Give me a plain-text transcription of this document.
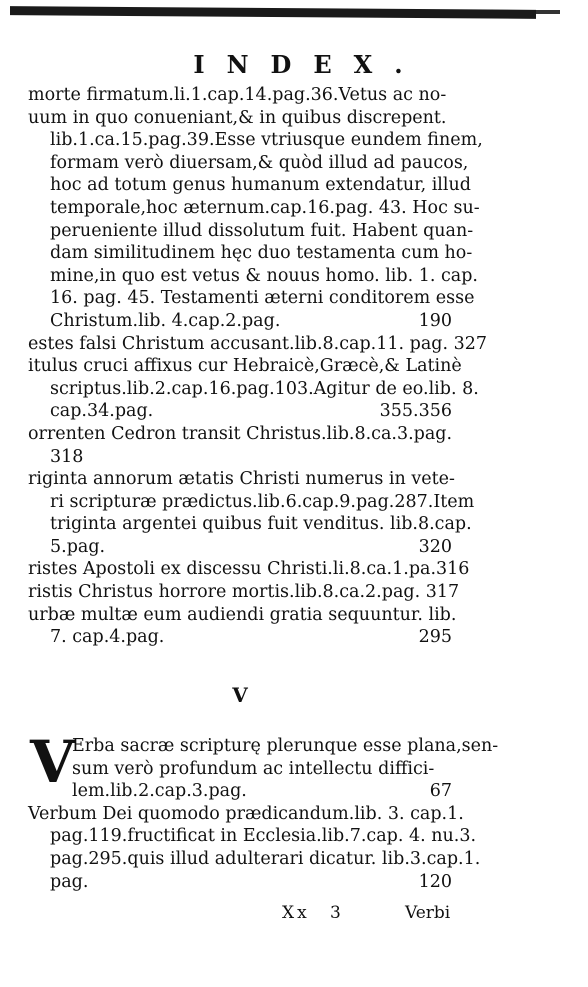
INDEX.
morte firmatum.li.1.cap.14.pag.36.Vetus ac no-
uum in quo conueniant,& in quibus discrepent.
lib.1.ca.15.pag.39.Esse vtriusque eundem finem,
formam verò diuersam,& quòd illud ad paucos,
hoc ad totum genus humanum extendatur, illud
temporale,hoc æternum.cap.16.pag. 43. Hoc su-
perueniente illud dissolutum fuit. Habent quan-
dam similitudinem hęc duo testamenta cum ho-
mine,in quo est vetus & nouus homo. lib. 1. cap.
16. pag. 45. Testamenti æterni conditorem esse
Christum.lib. 4.cap.2.pag.	190
estes falsi Christum accusant.lib.8.cap.11. pag. 327
itulus cruci affixus cur Hebraicè,Græcè,& Latinè
scriptus.lib.2.cap.16.pag.103.Agitur de eo.lib. 8.
cap.34.pag.	355.356
orrenten Cedron transit Christus.lib.8.ca.3.pag.
318
riginta annorum ætatis Christi numerus in vete-
ri scripturæ prædictus.lib.6.cap.9.pag.287.Item
triginta argentei quibus fuit venditus. lib.8.cap.
5.pag.	320
ristes Apostoli ex discessu Christi.li.8.ca.1.pa.316
ristis Christus horrore mortis.lib.8.ca.2.pag. 317
urbæ multæ eum audiendi gratia sequuntur. lib.
7. cap.4.pag.	295
V
V
Erba sacræ scripturę plerunque esse plana,sen-
sum verò profundum ac intellectu diffici-
lem.lib.2.cap.3.pag.	67
Verbum Dei quomodo prædicandum.lib. 3. cap.1.
pag.119.fructificat in Ecclesia.lib.7.cap. 4. nu.3.
pag.295.quis illud adulterari dicatur. lib.3.cap.1.
pag.	120
Xx 3	Verbi
